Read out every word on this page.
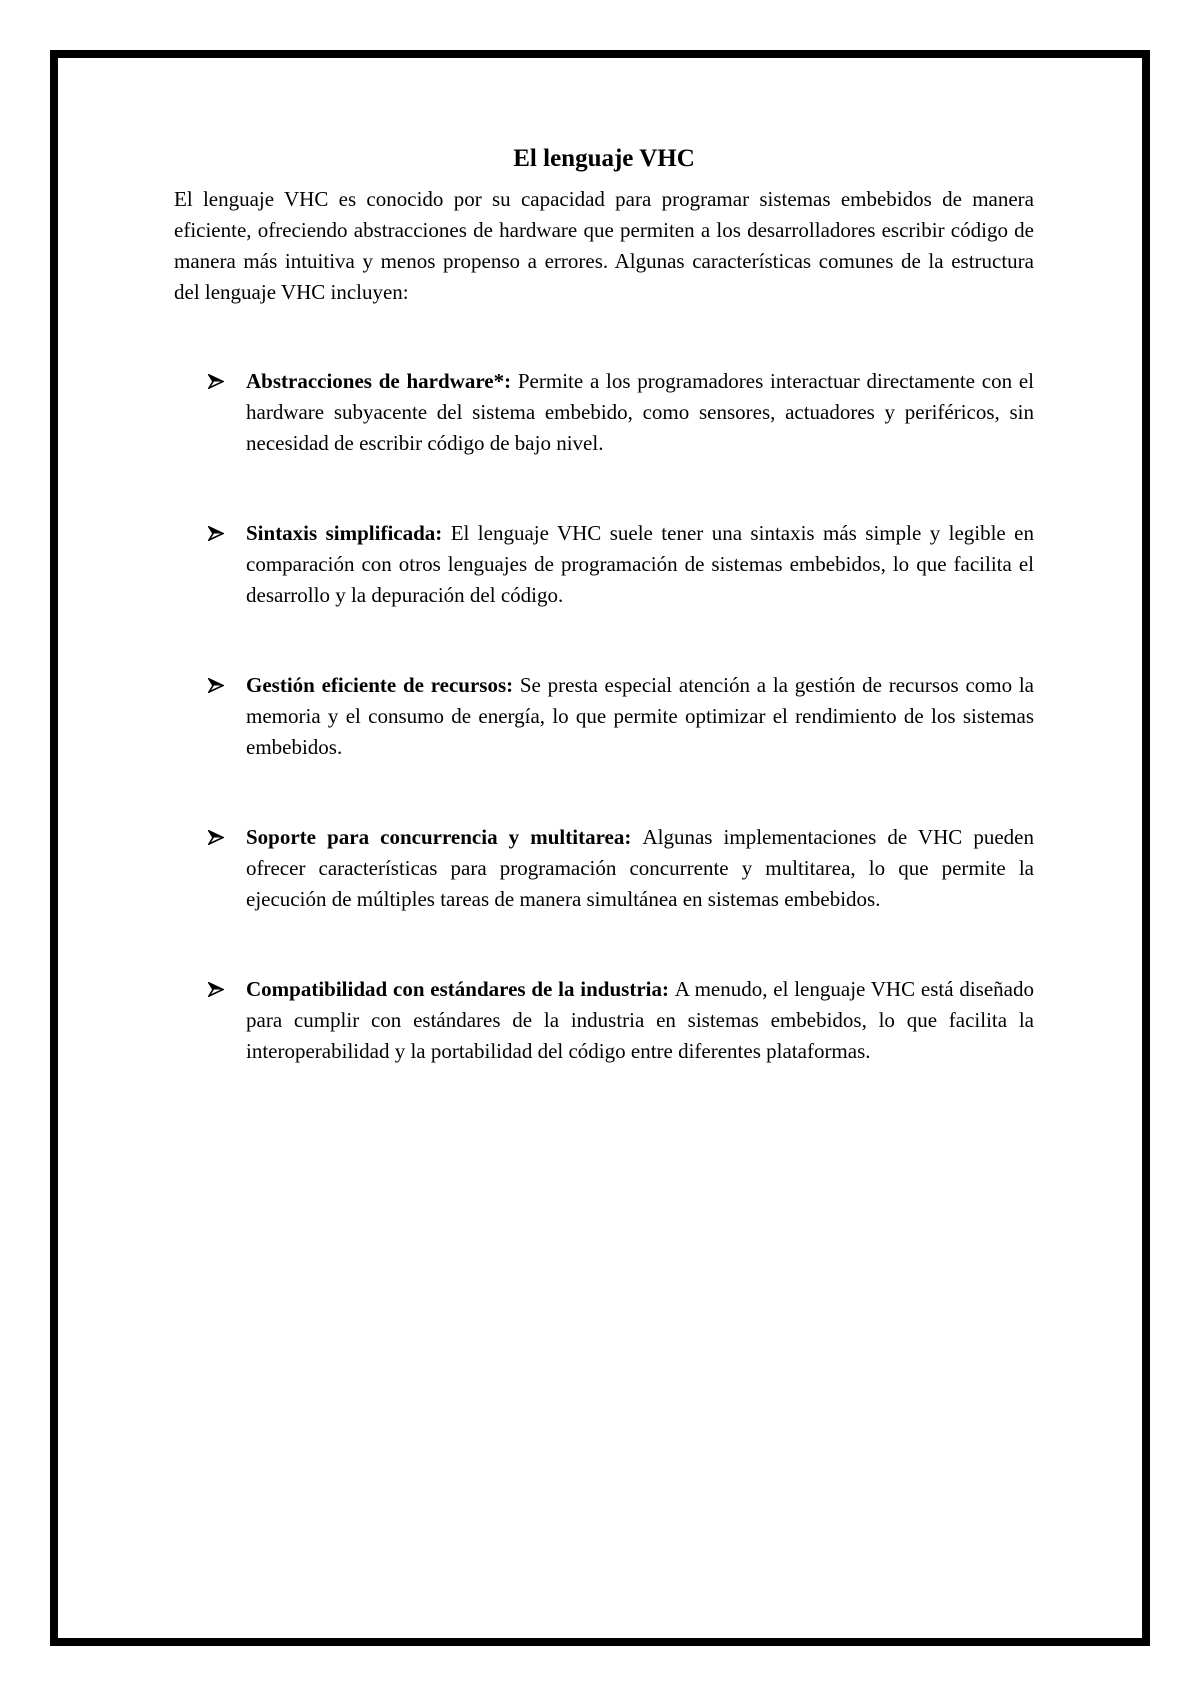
El lenguaje VHC

El lenguaje VHC es conocido por su capacidad para programar sistemas embebidos de manera eficiente, ofreciendo abstracciones de hardware que permiten a los desarrolladores escribir código de manera más intuitiva y menos propenso a errores. Algunas características comunes de la estructura del lenguaje VHC incluyen:

Abstracciones de hardware*: Permite a los programadores interactuar directamente con el hardware subyacente del sistema embebido, como sensores, actuadores y periféricos, sin necesidad de escribir código de bajo nivel.
Sintaxis simplificada: El lenguaje VHC suele tener una sintaxis más simple y legible en comparación con otros lenguajes de programación de sistemas embebidos, lo que facilita el desarrollo y la depuración del código.
Gestión eficiente de recursos: Se presta especial atención a la gestión de recursos como la memoria y el consumo de energía, lo que permite optimizar el rendimiento de los sistemas embebidos.
Soporte para concurrencia y multitarea: Algunas implementaciones de VHC pueden ofrecer características para programación concurrente y multitarea, lo que permite la ejecución de múltiples tareas de manera simultánea en sistemas embebidos.
Compatibilidad con estándares de la industria: A menudo, el lenguaje VHC está diseñado para cumplir con estándares de la industria en sistemas embebidos, lo que facilita la interoperabilidad y la portabilidad del código entre diferentes plataformas.
